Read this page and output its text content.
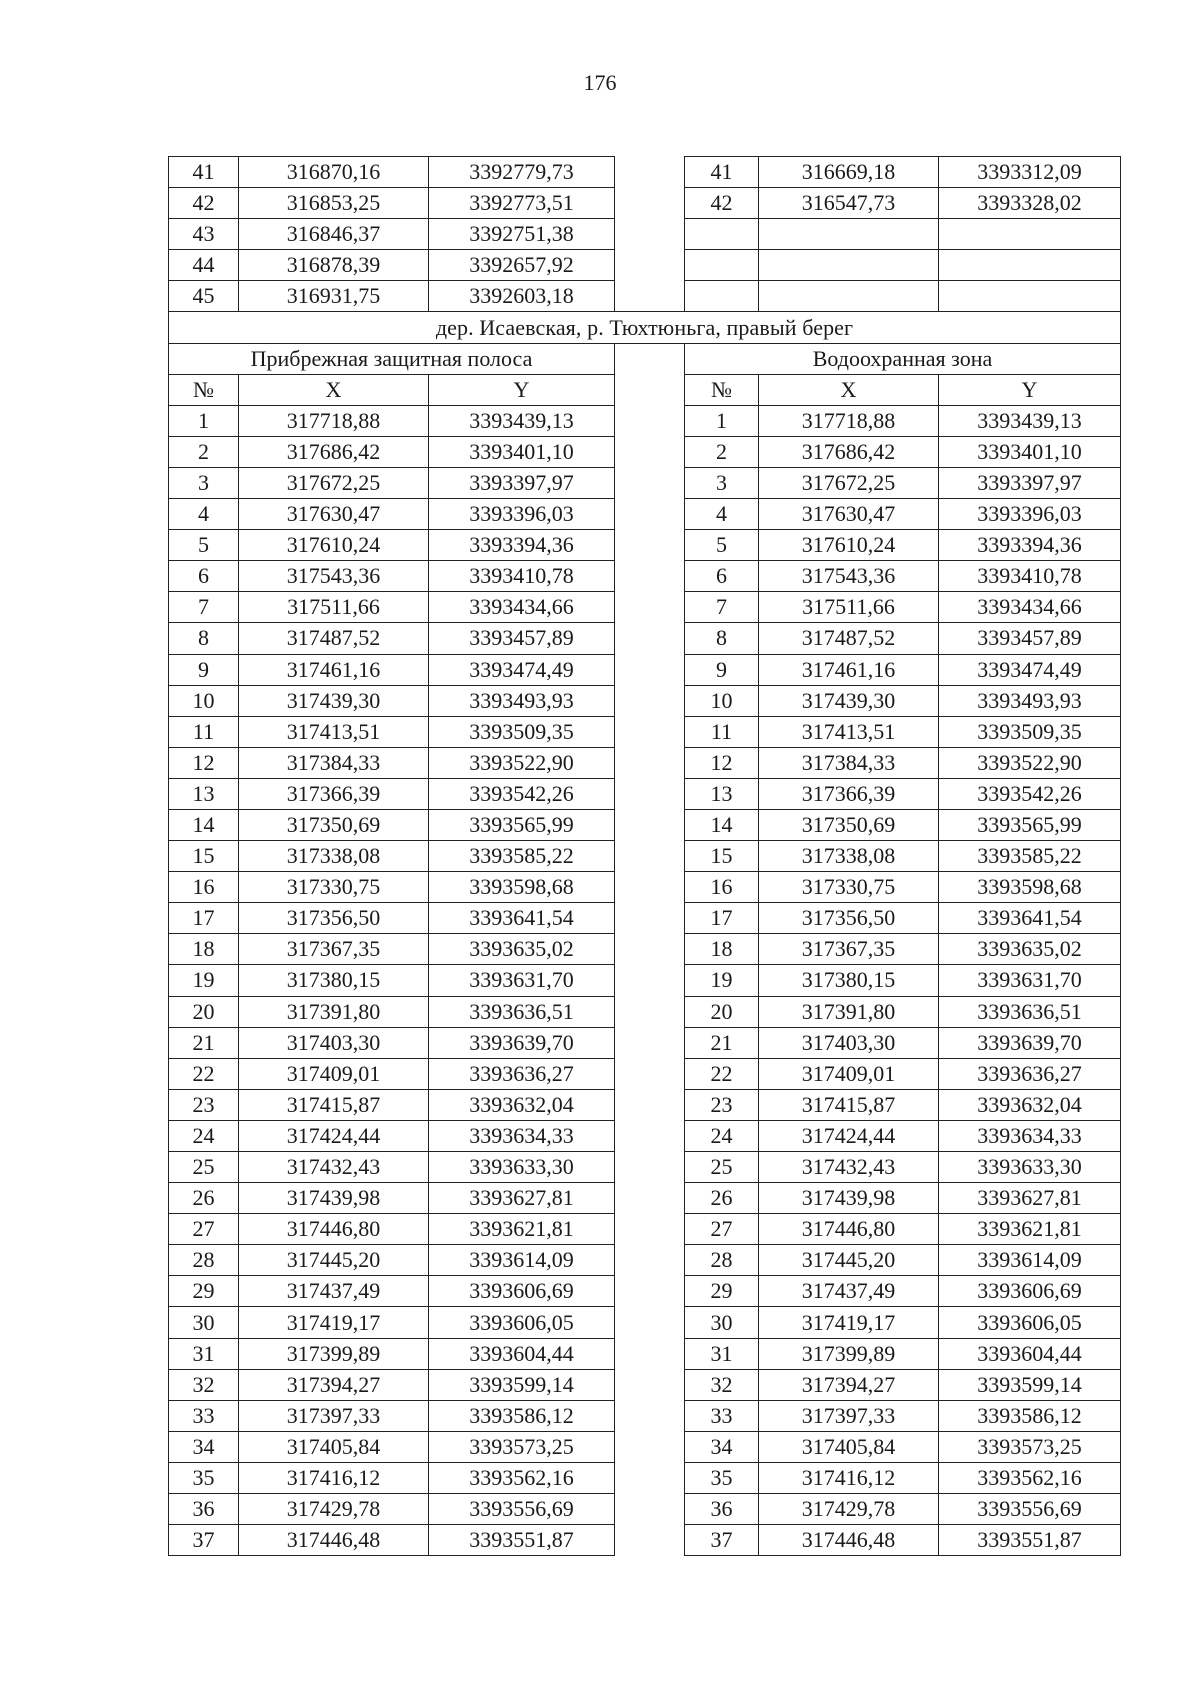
176
41	316870,16	3392779,73		41	316669,18	3393312,09
42	316853,25	3392773,51		42	316547,73	3393328,02
43	316846,37	3392751,38				
44	316878,39	3392657,92				
45	316931,75	3392603,18				
дер. Исаевская, р. Тюхтюньга, правый берег						
Прибрежная защитная полоса				Водоохранная зона		
№	X	Y		№	X	Y
1	317718,88	3393439,13		1	317718,88	3393439,13
2	317686,42	3393401,10		2	317686,42	3393401,10
3	317672,25	3393397,97		3	317672,25	3393397,97
4	317630,47	3393396,03		4	317630,47	3393396,03
5	317610,24	3393394,36		5	317610,24	3393394,36
6	317543,36	3393410,78		6	317543,36	3393410,78
7	317511,66	3393434,66		7	317511,66	3393434,66
8	317487,52	3393457,89		8	317487,52	3393457,89
9	317461,16	3393474,49		9	317461,16	3393474,49
10	317439,30	3393493,93		10	317439,30	3393493,93
11	317413,51	3393509,35		11	317413,51	3393509,35
12	317384,33	3393522,90		12	317384,33	3393522,90
13	317366,39	3393542,26		13	317366,39	3393542,26
14	317350,69	3393565,99		14	317350,69	3393565,99
15	317338,08	3393585,22		15	317338,08	3393585,22
16	317330,75	3393598,68		16	317330,75	3393598,68
17	317356,50	3393641,54		17	317356,50	3393641,54
18	317367,35	3393635,02		18	317367,35	3393635,02
19	317380,15	3393631,70		19	317380,15	3393631,70
20	317391,80	3393636,51		20	317391,80	3393636,51
21	317403,30	3393639,70		21	317403,30	3393639,70
22	317409,01	3393636,27		22	317409,01	3393636,27
23	317415,87	3393632,04		23	317415,87	3393632,04
24	317424,44	3393634,33		24	317424,44	3393634,33
25	317432,43	3393633,30		25	317432,43	3393633,30
26	317439,98	3393627,81		26	317439,98	3393627,81
27	317446,80	3393621,81		27	317446,80	3393621,81
28	317445,20	3393614,09		28	317445,20	3393614,09
29	317437,49	3393606,69		29	317437,49	3393606,69
30	317419,17	3393606,05		30	317419,17	3393606,05
31	317399,89	3393604,44		31	317399,89	3393604,44
32	317394,27	3393599,14		32	317394,27	3393599,14
33	317397,33	3393586,12		33	317397,33	3393586,12
34	317405,84	3393573,25		34	317405,84	3393573,25
35	317416,12	3393562,16		35	317416,12	3393562,16
36	317429,78	3393556,69		36	317429,78	3393556,69
37	317446,48	3393551,87		37	317446,48	3393551,87
